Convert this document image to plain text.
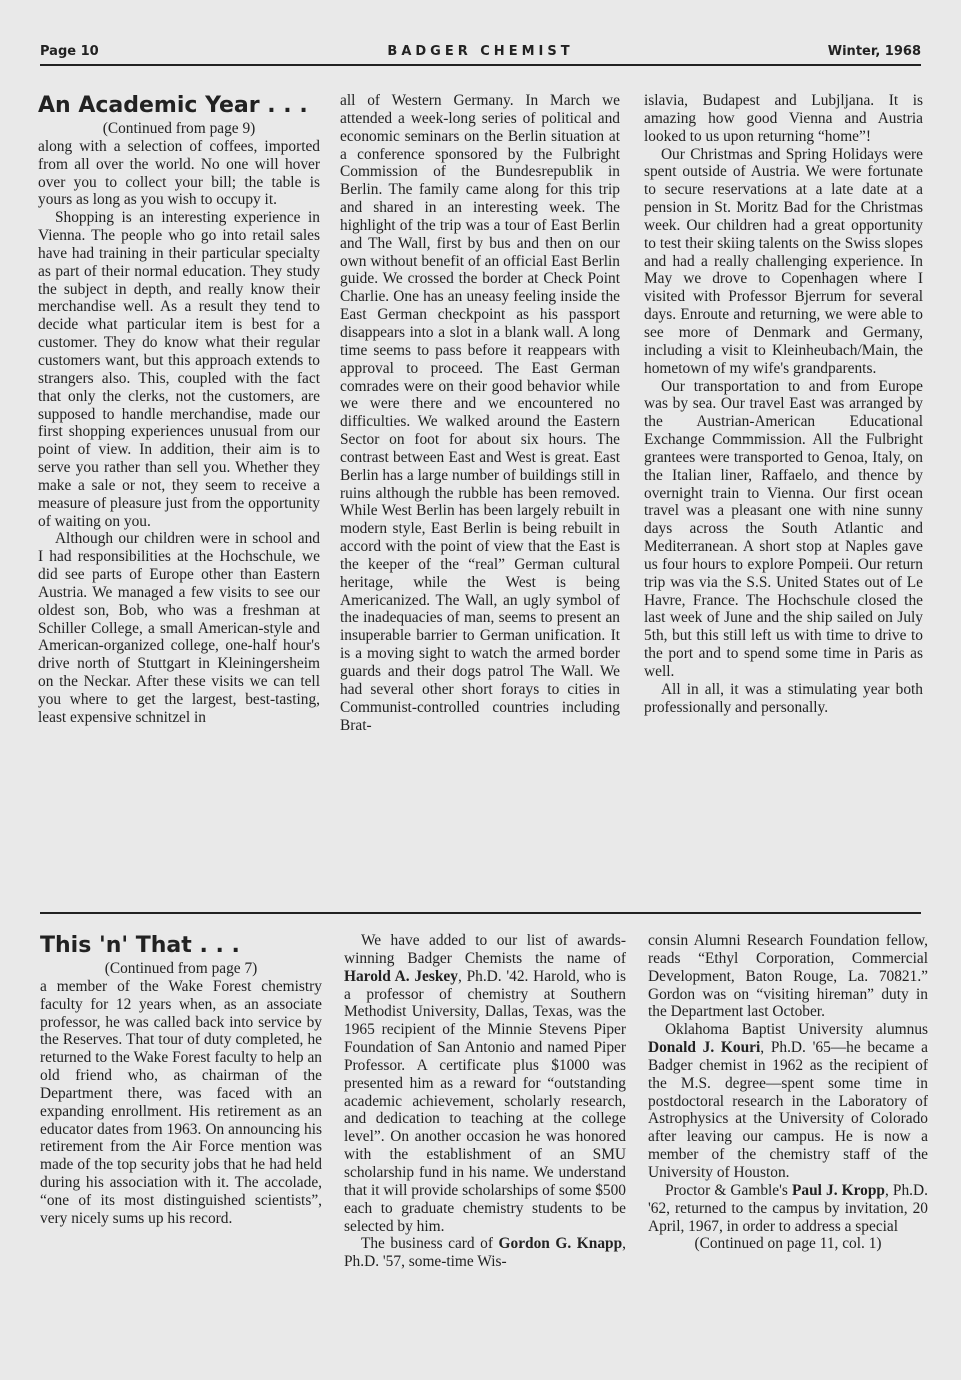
Page 10	BADGER CHEMIST	Winter, 1968
An Academic Year . . .

(Continued from page 9)

along with a selection of coffees, imported from all over the world. No one will hover over you to collect your bill; the table is yours as long as you wish to occupy it.

Shopping is an interesting experience in Vienna. The people who go into retail sales have had training in their particular specialty as part of their normal education. They study the subject in depth, and really know their merchandise well. As a result they tend to decide what particular item is best for a customer. They do know what their regular customers want, but this approach extends to strangers also. This, coupled with the fact that only the clerks, not the customers, are supposed to handle merchandise, made our first shopping experiences unusual from our point of view. In addition, their aim is to serve you rather than sell you. Whether they make a sale or not, they seem to receive a measure of pleasure just from the opportunity of waiting on you.

Although our children were in school and I had responsibilities at the Hochschule, we did see parts of Europe other than Eastern Austria. We managed a few visits to see our oldest son, Bob, who was a freshman at Schiller College, a small American-style and American-organized college, one-half hour's drive north of Stuttgart in Kleiningersheim on the Neckar. After these visits we can tell you where to get the largest, best-tasting, least expensive schnitzel in

all of Western Germany. In March we attended a week-long series of political and economic seminars on the Berlin situation at a conference sponsored by the Fulbright Commission of the Bundesrepublik in Berlin. The family came along for this trip and shared in an interesting week. The highlight of the trip was a tour of East Berlin and The Wall, first by bus and then on our own without benefit of an official East Berlin guide. We crossed the border at Check Point Charlie. One has an uneasy feeling inside the East German checkpoint as his passport disappears into a slot in a blank wall. A long time seems to pass before it reappears with approval to proceed. The East German comrades were on their good behavior while we were there and we encountered no difficulties. We walked around the Eastern Sector on foot for about six hours. The contrast between East and West is great. East Berlin has a large number of buildings still in ruins although the rubble has been removed. While West Berlin has been largely rebuilt in modern style, East Berlin is being rebuilt in accord with the point of view that the East is the keeper of the “real” German cultural heritage, while the West is being Americanized. The Wall, an ugly symbol of the inadequacies of man, seems to present an insuperable barrier to German unification. It is a moving sight to watch the armed border guards and their dogs patrol The Wall. We had several other short forays to cities in Communist-controlled countries including Brat-

islavia, Budapest and Lubjljana. It is amazing how good Vienna and Austria looked to us upon returning “home”!

Our Christmas and Spring Holidays were spent outside of Austria. We were fortunate to secure reservations at a late date at a pension in St. Moritz Bad for the Christmas week. Our children had a great opportunity to test their skiing talents on the Swiss slopes and had a really challenging experience. In May we drove to Copenhagen where I visited with Professor Bjerrum for several days. Enroute and returning, we were able to see more of Denmark and Germany, including a visit to Kleinheubach/Main, the hometown of my wife's grandparents.

Our transportation to and from Europe was by sea. Our travel East was arranged by the Austrian-American Educational Exchange Commmission. All the Fulbright grantees were transported to Genoa, Italy, on the Italian liner, Raffaelo, and thence by overnight train to Vienna. Our first ocean travel was a pleasant one with nine sunny days across the South Atlantic and Mediterranean. A short stop at Naples gave us four hours to explore Pompeii. Our return trip was via the S.S. United States out of Le Havre, France. The Hochschule closed the last week of June and the ship sailed on July 5th, but this still left us with time to drive to the port and to spend some time in Paris as well.

All in all, it was a stimulating year both professionally and personally.

This 'n' That . . .

(Continued from page 7)

a member of the Wake Forest chemistry faculty for 12 years when, as an associate professor, he was called back into service by the Reserves. That tour of duty completed, he returned to the Wake Forest faculty to help an old friend who, as chairman of the Department there, was faced with an expanding enrollment. His retirement as an educator dates from 1963. On announcing his retirement from the Air Force mention was made of the top security jobs that he had held during his association with it. The accolade, “one of its most distinguished scientists”, very nicely sums up his record.

We have added to our list of awards-winning Badger Chemists the name of Harold A. Jeskey, Ph.D. '42. Harold, who is a professor of chemistry at Southern Methodist University, Dallas, Texas, was the 1965 recipient of the Minnie Stevens Piper Foundation of San Antonio and named Piper Professor. A certificate plus $1000 was presented him as a reward for “outstanding academic achievement, scholarly research, and dedication to teaching at the college level”. On another occasion he was honored with the establishment of an SMU scholarship fund in his name. We understand that it will provide scholarships of some $500 each to graduate chemistry students to be selected by him.

The business card of Gordon G. Knapp, Ph.D. '57, some-time Wis-

consin Alumni Research Foundation fellow, reads “Ethyl Corporation, Commercial Development, Baton Rouge, La. 70821.” Gordon was on “visiting hireman” duty in the Department last October.

Oklahoma Baptist University alumnus Donald J. Kouri, Ph.D. '65—he became a Badger chemist in 1962 as the recipient of the M.S. degree—spent some time in postdoctoral research in the Laboratory of Astrophysics at the University of Colorado after leaving our campus. He is now a member of the chemistry staff of the University of Houston.

Proctor & Gamble's Paul J. Kropp, Ph.D. '62, returned to the campus by invitation, 20 April, 1967, in order to address a special

(Continued on page 11, col. 1)
